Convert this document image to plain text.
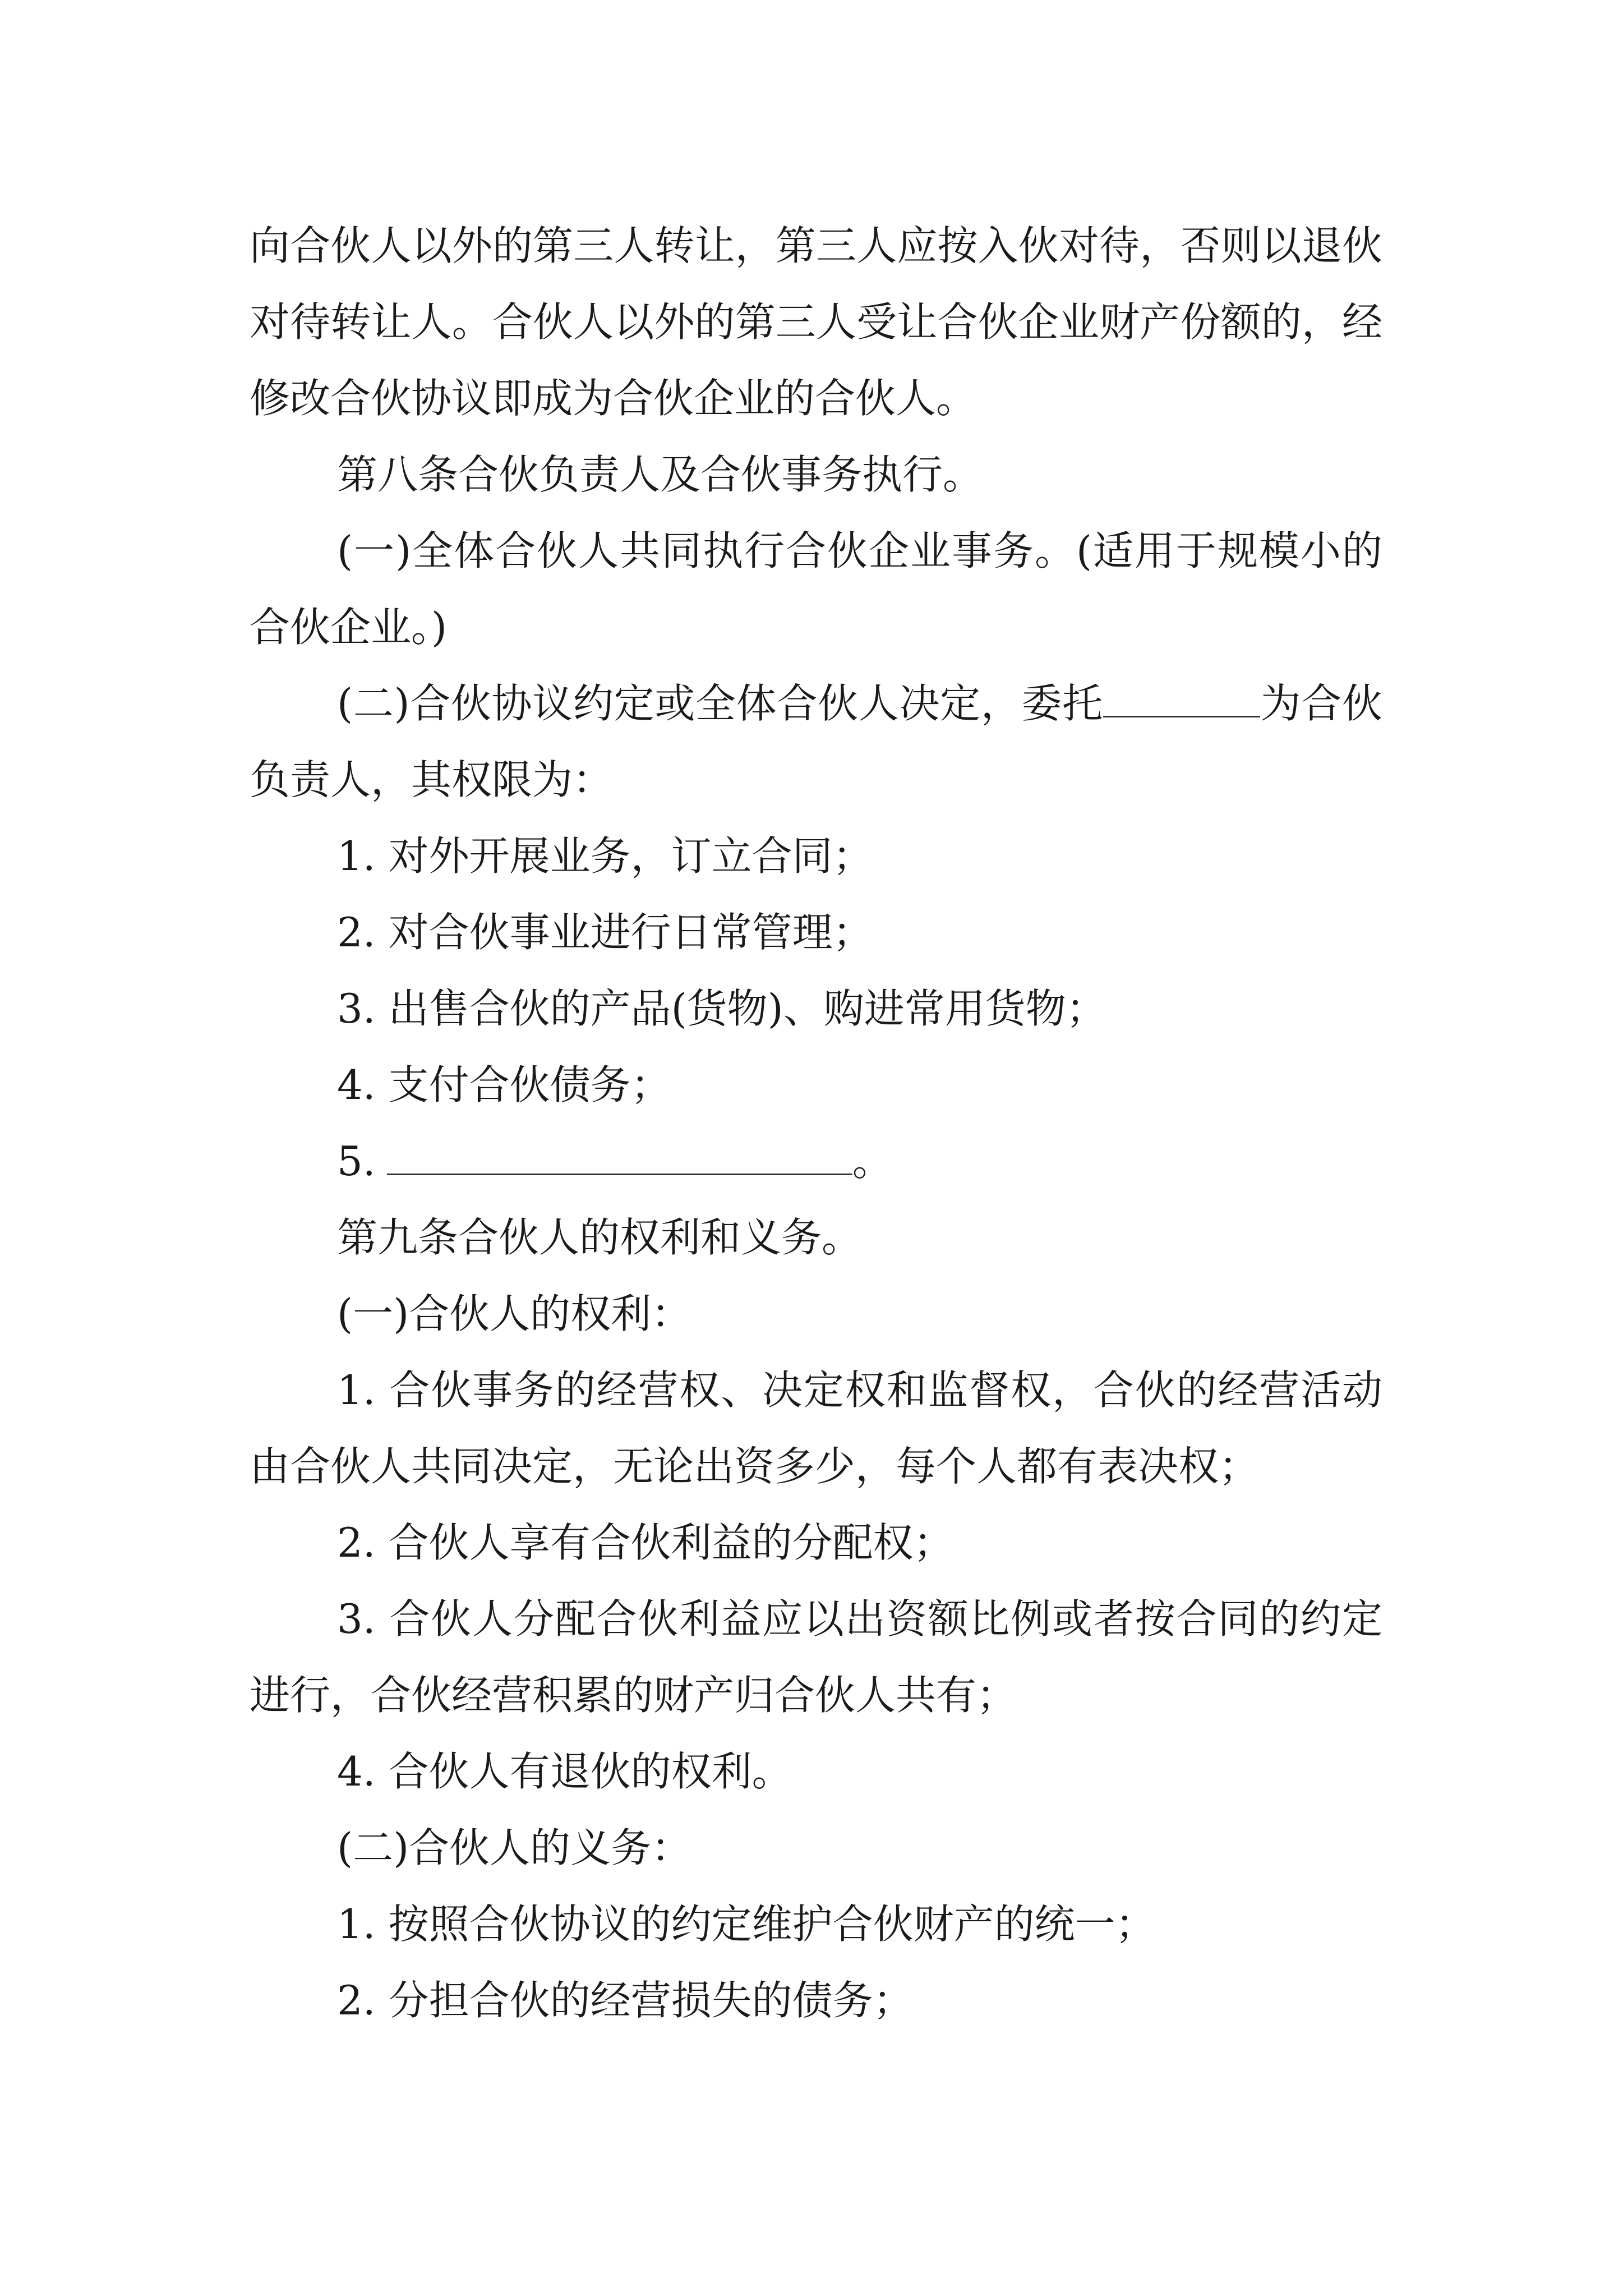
向合伙人以外的第三人转让，第三人应按入伙对待，否则以退伙对待转让人。合伙人以外的第三人受让合伙企业财产份额的，经修改合伙协议即成为合伙企业的合伙人。

第八条合伙负责人及合伙事务执行。

(一)全体合伙人共同执行合伙企业事务。(适用于规模小的合伙企业。)

(二)合伙协议约定或全体合伙人决定，委托	为合伙负责人，其权限为：

1. 对外开展业务，订立合同；

2. 对合伙事业进行日常管理；

3. 出售合伙的产品(货物)、购进常用货物；

4. 支付合伙债务；

5.	。

第九条合伙人的权利和义务。

(一)合伙人的权利：

1. 合伙事务的经营权、决定权和监督权，合伙的经营活动由合伙人共同决定，无论出资多少，每个人都有表决权；

2. 合伙人享有合伙利益的分配权；

3. 合伙人分配合伙利益应以出资额比例或者按合同的约定进行，合伙经营积累的财产归合伙人共有；

4. 合伙人有退伙的权利。

(二)合伙人的义务：

1. 按照合伙协议的约定维护合伙财产的统一；

2. 分担合伙的经营损失的债务；
